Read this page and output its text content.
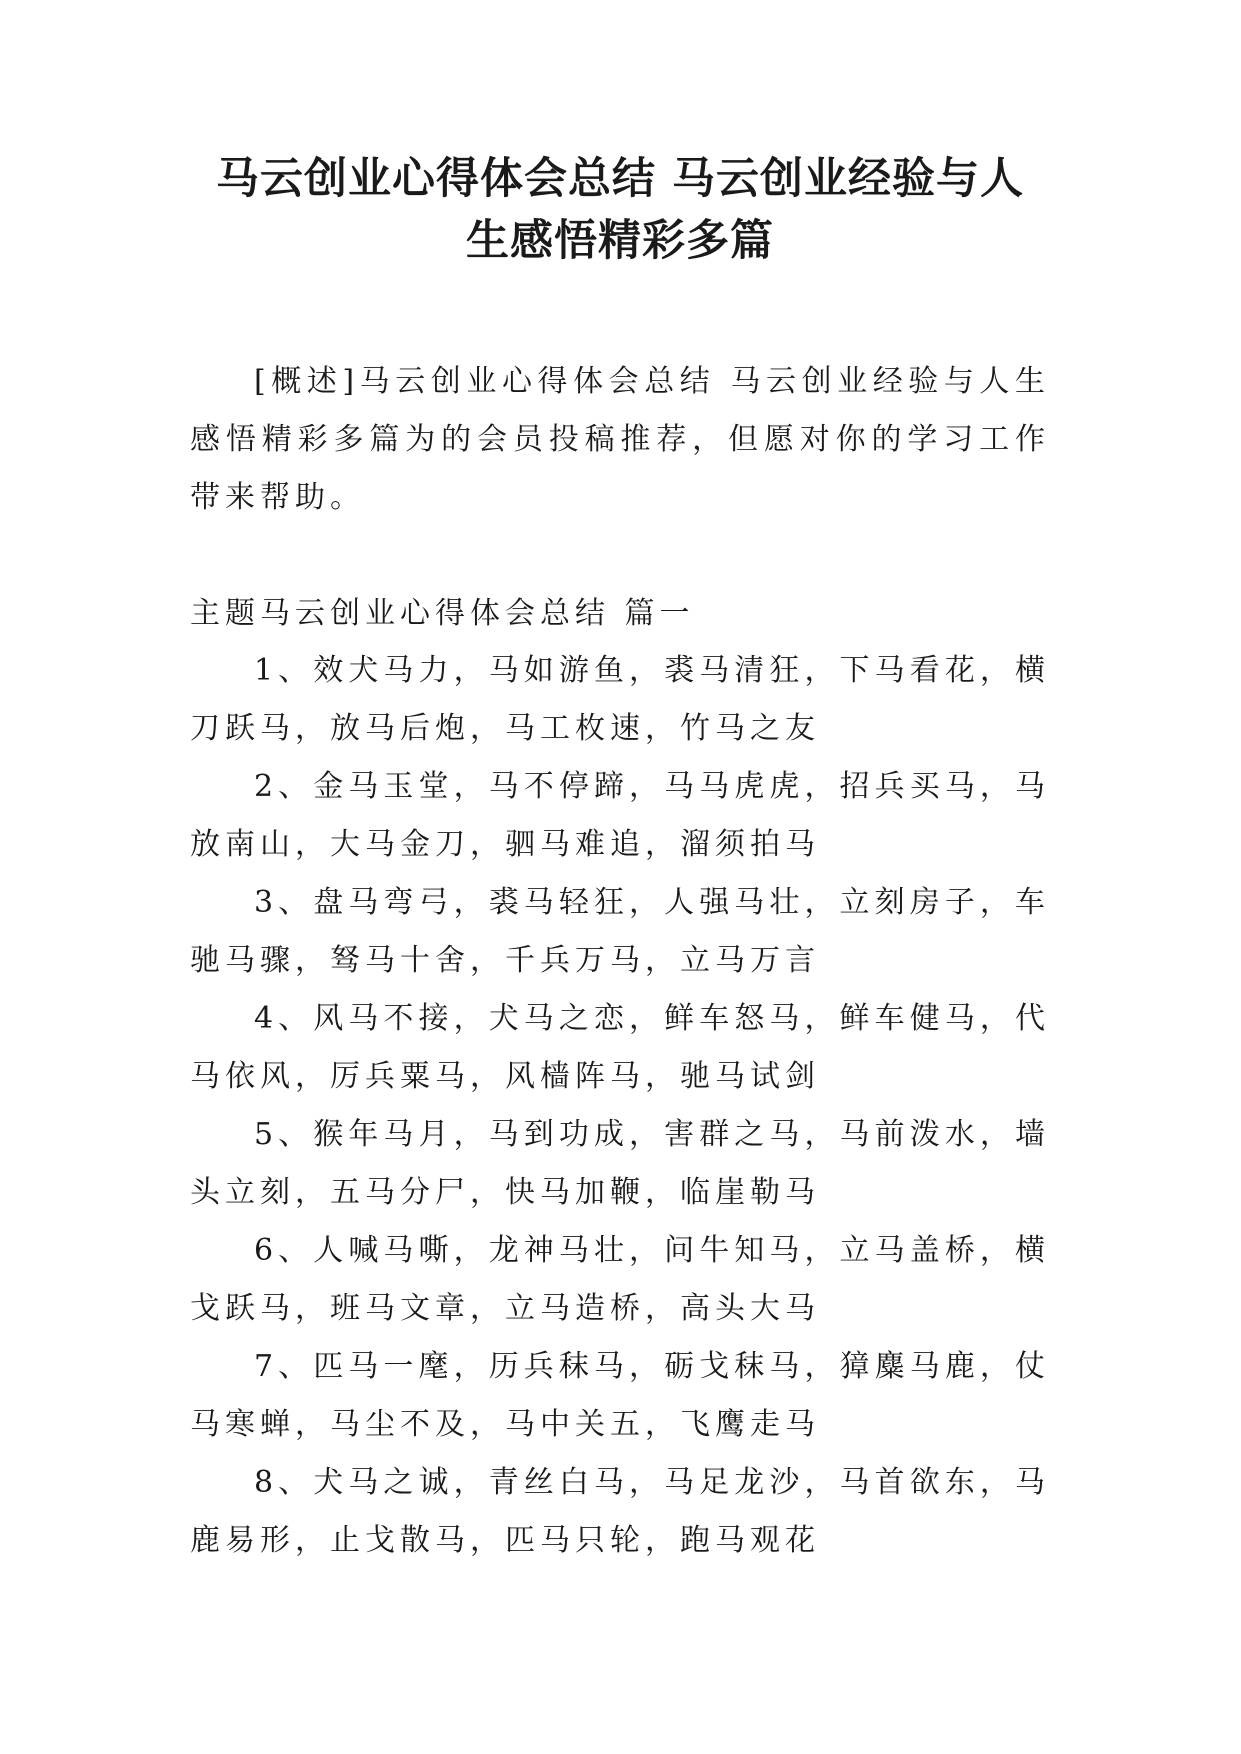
马云创业心得体会总结 马云创业经验与人
生感悟精彩多篇

[概述]马云创业心得体会总结 马云创业经验与人生感悟精彩多篇为的会员投稿推荐，但愿对你的学习工作带来帮助。

主题马云创业心得体会总结 篇一

1、效犬马力，马如游鱼，裘马清狂，下马看花，横刀跃马，放马后炮，马工枚速，竹马之友
2、金马玉堂，马不停蹄，马马虎虎，招兵买马，马放南山，大马金刀，驷马难追，溜须拍马
3、盘马弯弓，裘马轻狂，人强马壮，立刻房子，车驰马骤，驽马十舍，千兵万马，立马万言
4、风马不接，犬马之恋，鲜车怒马，鲜车健马，代马依风，厉兵粟马，风樯阵马，驰马试剑
5、猴年马月，马到功成，害群之马，马前泼水，墙头立刻，五马分尸，快马加鞭，临崖勒马
6、人喊马嘶，龙神马壮，问牛知马，立马盖桥，横戈跃马，班马文章，立马造桥，高头大马
7、匹马一麾，历兵秣马，砺戈秣马，獐麋马鹿，仗马寒蝉，马尘不及，马中关五，飞鹰走马
8、犬马之诚，青丝白马，马足龙沙，马首欲东，马鹿易形，止戈散马，匹马只轮，跑马观花
